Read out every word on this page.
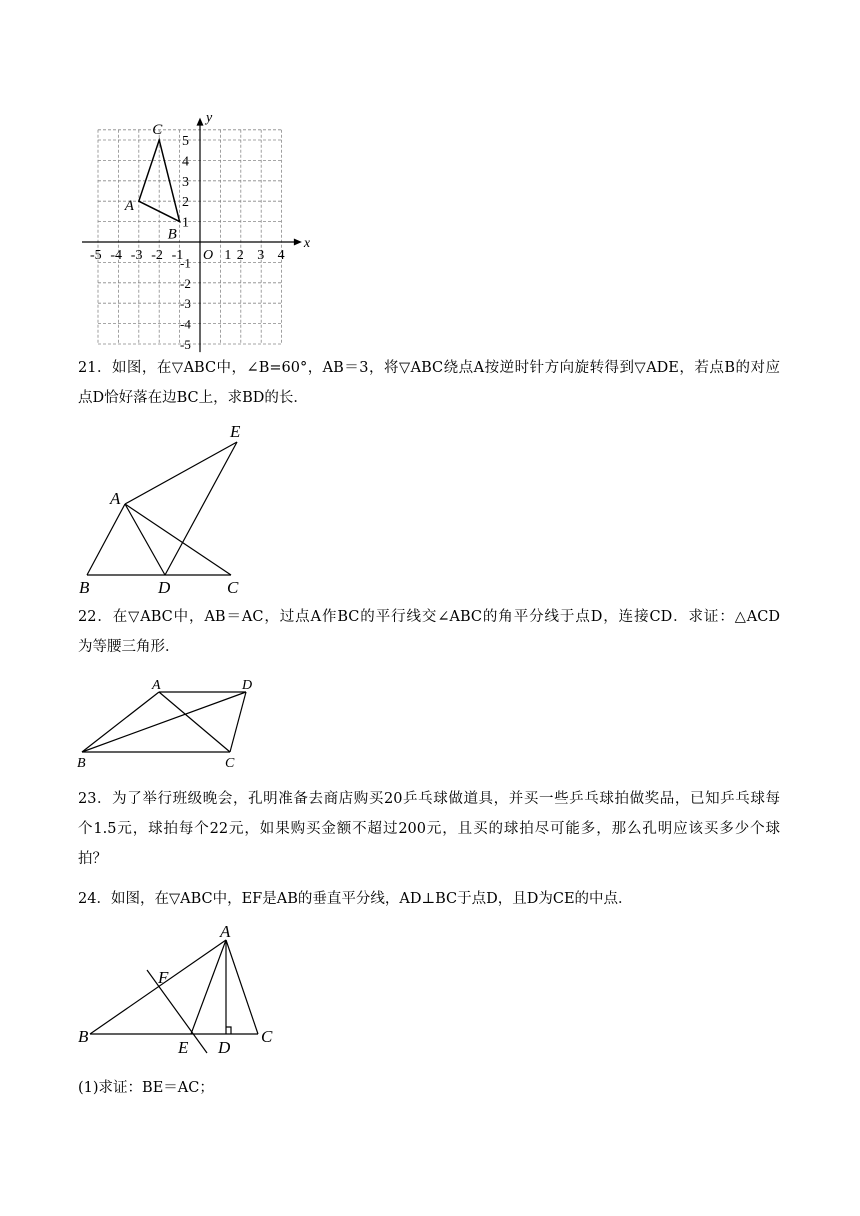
x
y
O
-5 -4 -3 -2 -1	1 2 3 4
5
4
3
2
1
-1
-2
-3
-4
-5
A
B
C
21．如图，在▽ABC中，∠B=60°，AB＝3，将▽ABC绕点A按逆时针方向旋转得到▽ADE，若点B的对应
点D恰好落在边BC上，求BD的长．
A
B	D	C
E
22．在▽ABC中，AB＝AC，过点A作BC的平行线交∠ABC的角平分线于点D，连接CD．求证：△ACD
为等腰三角形．
A	D
B	C
23．为了举行班级晚会，孔明准备去商店购买20乒乓球做道具，并买一些乒乓球拍做奖品，已知乒乓球每
个1.5元，球拍每个22元，如果购买金额不超过200元，且买的球拍尽可能多，那么孔明应该买多少个球
拍？
24．如图，在▽ABC中，EF是AB的垂直平分线，AD⊥BC于点D，且D为CE的中点．
A
F
B
E D
C
(1)求证：BE＝AC；
